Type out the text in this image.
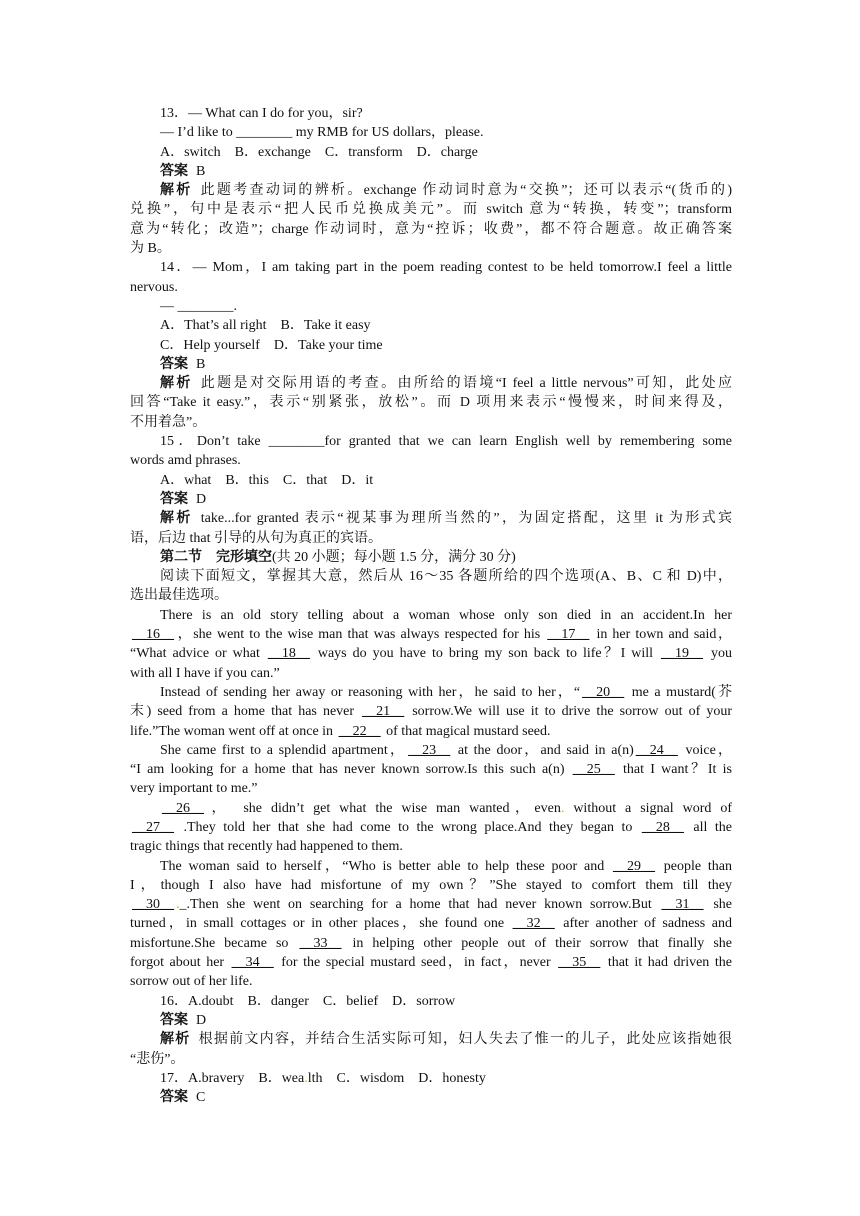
13．— What can I do for you，sir?
— I’d like to ________ my RMB for US dollars，please.
A．switch　B．exchange　C．transform　D．charge
答案 B
解析 此题考查动词的辨析。exchange 作动词时意为“交换”；还可以表示“(货币的)
兑换”，句中是表示“把人民币兑换成美元”。而 switch 意为“转换，转变”；transform
意为“转化；改造”；charge 作动词时，意为“控诉；收费”，都不符合题意。故正确答案
为 B。
14．— Mom，I am taking part in the poem reading contest to be held tomorrow.I feel a little
nervous.
— ________.
A．That’s all right　B．Take it easy
C．Help yourself　D．Take your time
答案 B
解析 此题是对交际用语的考查。由所给的语境“I feel a little nervous”可知，此处应
回答“Take it easy.”，表示“别紧张，放松”。而 D 项用来表示“慢慢来，时间来得及，
不用着急”。
15．Don’t take ________for granted that we can learn English well by remembering some
words amd phrases.
A．what　B．this　C．that　D．it
答案 D
解析 take...for granted 表示“视某事为理所当然的”，为固定搭配，这里 it 为形式宾
语，后边 that 引导的从句为真正的宾语。
第二节　完形填空(共 20 小题；每小题 1.5 分，满分 30 分)
阅读下面短文，掌握其大意，然后从 16～35 各题所给的四个选项(A、B、C 和 D)中，
选出最佳选项。
There is an old story telling about a woman whose only son died in an accident.In her
__16__ ，she went to the wise man that was always respected for his __17__ in her town and said，
“What advice or what __18__ ways do you have to bring my son back to life？I will __19__ you
with all I have if you can.”
Instead of sending her away or reasoning with her，he said to her，“ __20__ me a mustard(芥
末) seed from a home that has never __21__ sorrow.We will use it to drive the sorrow out of your
life.”The woman went off at once in __22__ of that magical mustard seed.
She came first to a splendid apartment， __23__ at the door，and said in a(n) __24__ voice，
“I am looking for a home that has never known sorrow.Is this such a(n) __25__ that I want？It is
very important to me.”
__26__ ，　she didn’t get what the wise man wanted，even. without a signal word of
__27__ .They told her that she had come to the wrong place.And they began to __28__ all the
tragic things that recently had happened to them.
The woman said to herself，“Who is better able to help these poor and __29__ people than
I，though I also have had misfortune of my own？”She stayed to comfort them till they
__30__ ._.Then she went on searching for a home that had never known sorrow.But __31__ she
turned，in small cottages or in other places，she found one __32__ after another of sadness and
misfortune.She became so __33__ in helping other people out of their sorrow that finally she
forgot about her __34__ for the special mustard seed，in fact，never __35__ that it had driven the
sorrow out of her life.
16．A.doubt　B．danger　C．belief　D．sorrow
答案 D
解析 根据前文内容，并结合生活实际可知，妇人失去了惟一的儿子，此处应该指她很
“悲伤”。
17．A.bravery　B．wea.lth　C．wisdom　D．honesty
答案 C
